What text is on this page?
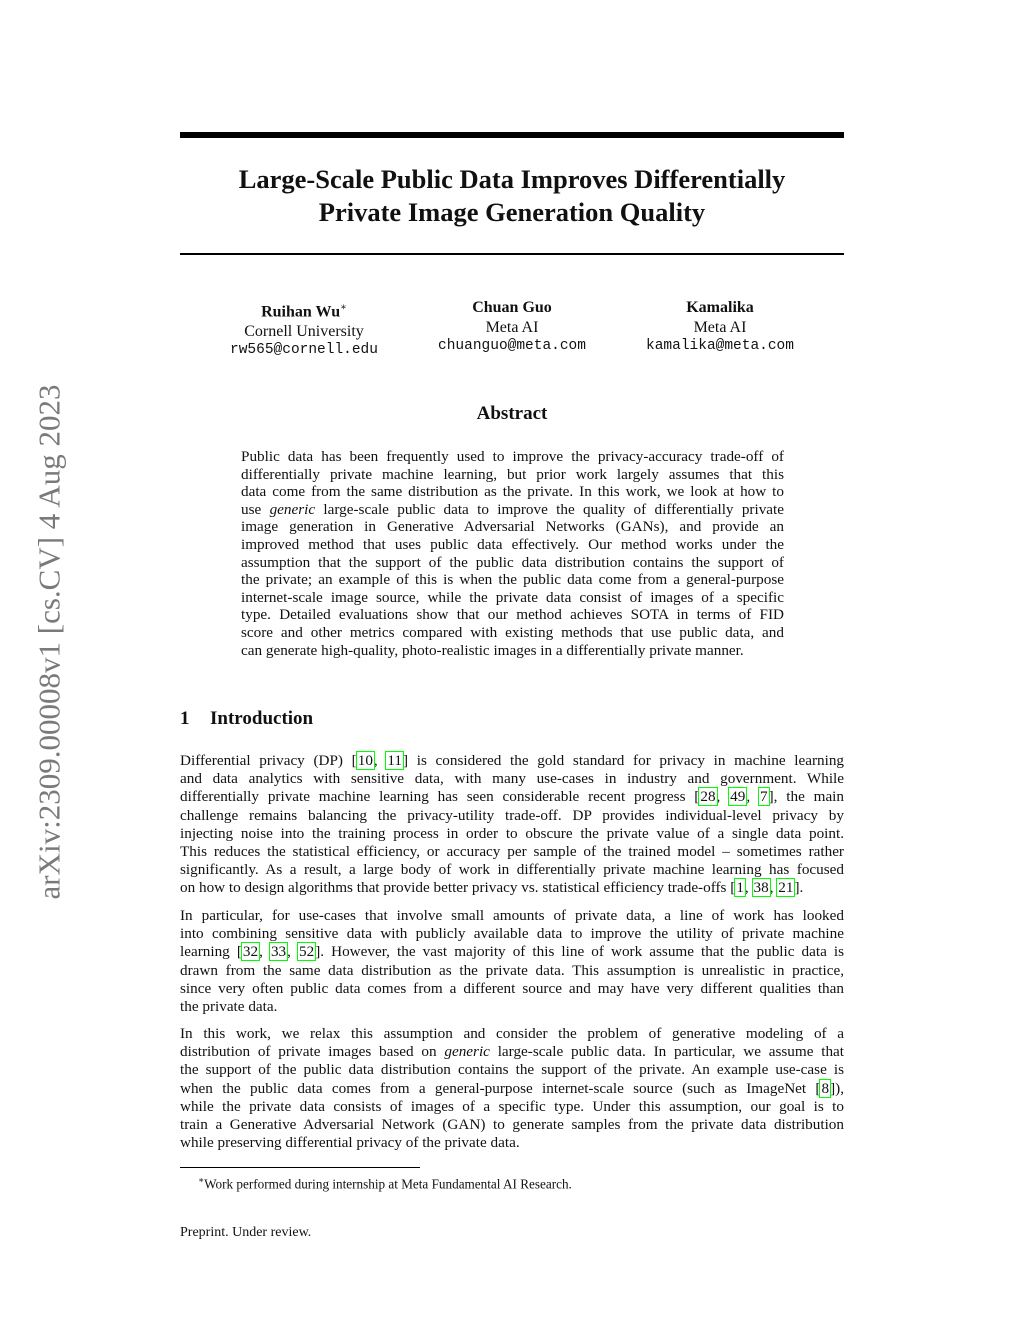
arXiv:2309.00008v1 [cs.CV] 4 Aug 2023
Large-Scale Public Data Improves Differentially
Private Image Generation Quality
Ruihan Wu∗
Cornell University
rw565@cornell.edu
Chuan Guo
Meta AI
chuanguo@meta.com
Kamalika
Meta AI
kamalika@meta.com
Abstract
Public data has been frequently used to improve the privacy-accuracy trade-off of
differentially private machine learning, but prior work largely assumes that this
data come from the same distribution as the private. In this work, we look at how to
use generic large-scale public data to improve the quality of differentially private
image generation in Generative Adversarial Networks (GANs), and provide an
improved method that uses public data effectively. Our method works under the
assumption that the support of the public data distribution contains the support of
the private; an example of this is when the public data come from a general-purpose
internet-scale image source, while the private data consist of images of a specific
type. Detailed evaluations show that our method achieves SOTA in terms of FID
score and other metrics compared with existing methods that use public data, and
can generate high-quality, photo-realistic images in a differentially private manner.
1 Introduction
Differential privacy (DP) [10, 11] is considered the gold standard for privacy in machine learning
and data analytics with sensitive data, with many use-cases in industry and government. While
differentially private machine learning has seen considerable recent progress [28, 49, 7], the main
challenge remains balancing the privacy-utility trade-off. DP provides individual-level privacy by
injecting noise into the training process in order to obscure the private value of a single data point.
This reduces the statistical efficiency, or accuracy per sample of the trained model – sometimes rather
significantly. As a result, a large body of work in differentially private machine learning has focused
on how to design algorithms that provide better privacy vs. statistical efficiency trade-offs [1, 38, 21].
In particular, for use-cases that involve small amounts of private data, a line of work has looked
into combining sensitive data with publicly available data to improve the utility of private machine
learning [32, 33, 52]. However, the vast majority of this line of work assume that the public data is
drawn from the same data distribution as the private data. This assumption is unrealistic in practice,
since very often public data comes from a different source and may have very different qualities than
the private data.
In this work, we relax this assumption and consider the problem of generative modeling of a
distribution of private images based on generic large-scale public data. In particular, we assume that
the support of the public data distribution contains the support of the private. An example use-case is
when the public data comes from a general-purpose internet-scale source (such as ImageNet [8]),
while the private data consists of images of a specific type. Under this assumption, our goal is to
train a Generative Adversarial Network (GAN) to generate samples from the private data distribution
while preserving differential privacy of the private data.

∗Work performed during internship at Meta Fundamental AI Research.

Preprint. Under review.
